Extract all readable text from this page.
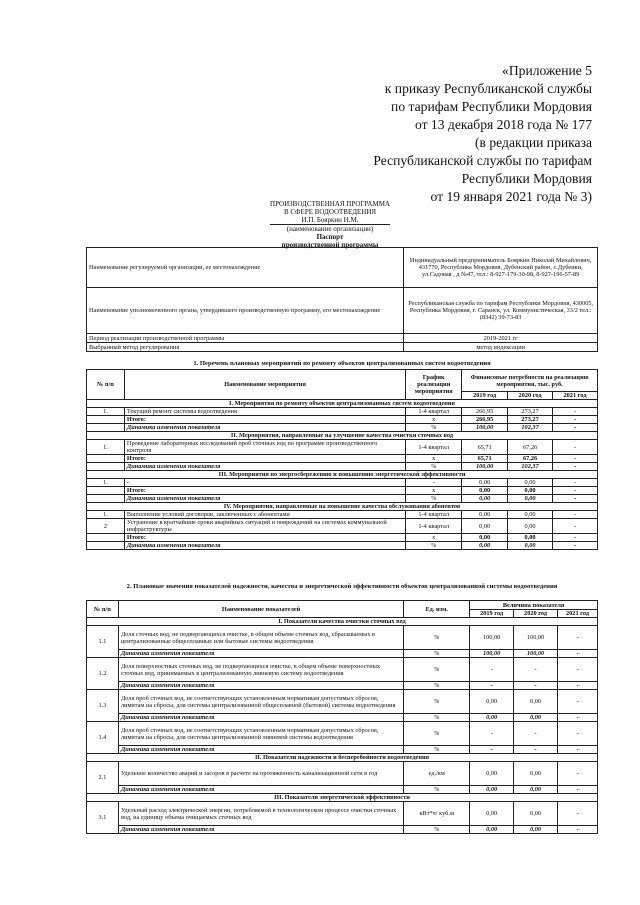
«Приложение 5
к приказу Республиканской службы
по тарифам Республики Мордовия
от 13 декабря 2018 года № 177
(в редакции приказа
Республиканской службы по тарифам
Республики Мордовия
от 19 января 2021 года № 3)
ПРОИЗВОДСТВЕННАЯ ПРОГРАММА
В СФЕРЕ ВОДООТВЕДЕНИЯ
И.П. Бояркин Н.М.
(наименование организации)
Паспорт
производственной программы
Наименование регулируемой организации, ее местонахождение	Индивидуальный предприниматель Бояркин Николай Михайлович, 431770, Республика Мордовия, Дубенский район, с.Дубенки, ул.Садовая , д №47, тел.: 8-927-179-30-98, 8-927-196-57-89
Наименование уполномоченного органа, утвердившего производственную программу, его местонахождение	Республиканская служба по тарифам Республики Мордовия, 430005, Республика Мордовия, г. Саранск, ул. Коммунистическая, 33/2 тел.: (8342) 39-73-83
Период реализации производственной программы	2019-2021 гг
Выбранный метод регулирования	метод индексации
1. Перечень плановых мероприятий по ремонту объектов централизованных систем водоотведения
№ п/п	Наименование мероприятия	График реализации мероприятия	Финансовые потребности на реализацию мероприятия, тыс. руб.		
			2019 год	2020 год	2021 год
I. Мероприятия по ремонту объектов централизованных систем водоотведения					
1.	Текущий ремонт системы водоотведения	1-4 квартал	266,95	273,27	-
	Итого:	х	266,95	273,27	-
	Динамика изменения показателя	%	100,00	102,37	-
II. Мероприятия, направленные на улучшение качества очистки сточных вод					
1.	Проведение лабораторных исследований проб сточных вод по программе производственного контроля	1-4 квартал	65,71	67,26	-
	Итого:	х	65,71	67,26	-
	Динамика изменения показателя	%	100,00	102,37	-
III. Мероприятия по энергосбережению и повышению энергетической эффективности					
1.	-	-	0,00	0,00	-
	Итого:	х	0,00	0,00	-
	Динамика изменения показателя	%	0,00	0,00	-
IV. Мероприятия, направленные на повышение качества обслуживания абонентов					
1.	Выполнение условий договоров, заключенных с абонентами	1-4 квартал	0,00	0,00	-
2	Устранение в кратчайшие сроки аварийных ситуаций и повреждений на системах коммунальной инфраструктуры	1-4 квартал	0,00	0,00	-
	Итого:	х	0,00	0,00	-
	Динамика изменения показателя	%	0,00	0,00	-
2. Плановые значения показателей надежности, качества и энергетической эффективности объектов централизованной системы водоотведения
№ п/п	Наименование показателей	Ед. изм.	Величина показателя		
			2019 год	2020 год	2021 год
I. Показатели качества очистки сточных вод					
1.1	Доля сточных вод, не подвергающихся очистке, в общем объеме сточных вод, сбрасываемых в централизованные общесплавные или бытовые системы водоотведения	%	100,00	100,00	-
	Динамика изменения показателя	%	100,00	100,00	-
1.2	Доля поверхностных сточных вод, не подвергающихся очистке, в общем объеме поверхностных сточных вод, принимаемых в централизованную ливневую систему водоотведения	%	-	-	-
	Динамика изменения показателя	%	-	-	-
1.3	Доля проб сточных вод, не соответствующих установленным нормативам допустимых сбросов, лимитам на сбросы, для системы централизованной общесплавной (бытовой) системы водоотведения	%	0,00	0,00	-
	Динамика изменения показателя	%	0,00	0,00	-
1.4	Доля проб сточных вод, не соответствующих установленным нормативам допустимых сбросов, лимитам на сбросы, для системы централизованной ливневой системы водоотведения	%	-	-	-
	Динамика изменения показателя	%	-	-	-
II. Показатели надежности и бесперебойности водоотведения					
2.1	Удельное количество аварий и засоров в расчете на протяженность канализационной сети в год	ед./км	0,00	0,00	-
	Динамика изменения показателя	%	0,00	0,00	-
III. Показатели энергетической эффективности					
3.1	Удельный расход электрической энергии, потребляемой в технологическом процессе очистки сточных вод, на единицу объема очищаемых сточных вод	кВт*ч/ куб.м	0,00	0,00	-
	Динамика изменения показателя	%	0,00	0,00	-
